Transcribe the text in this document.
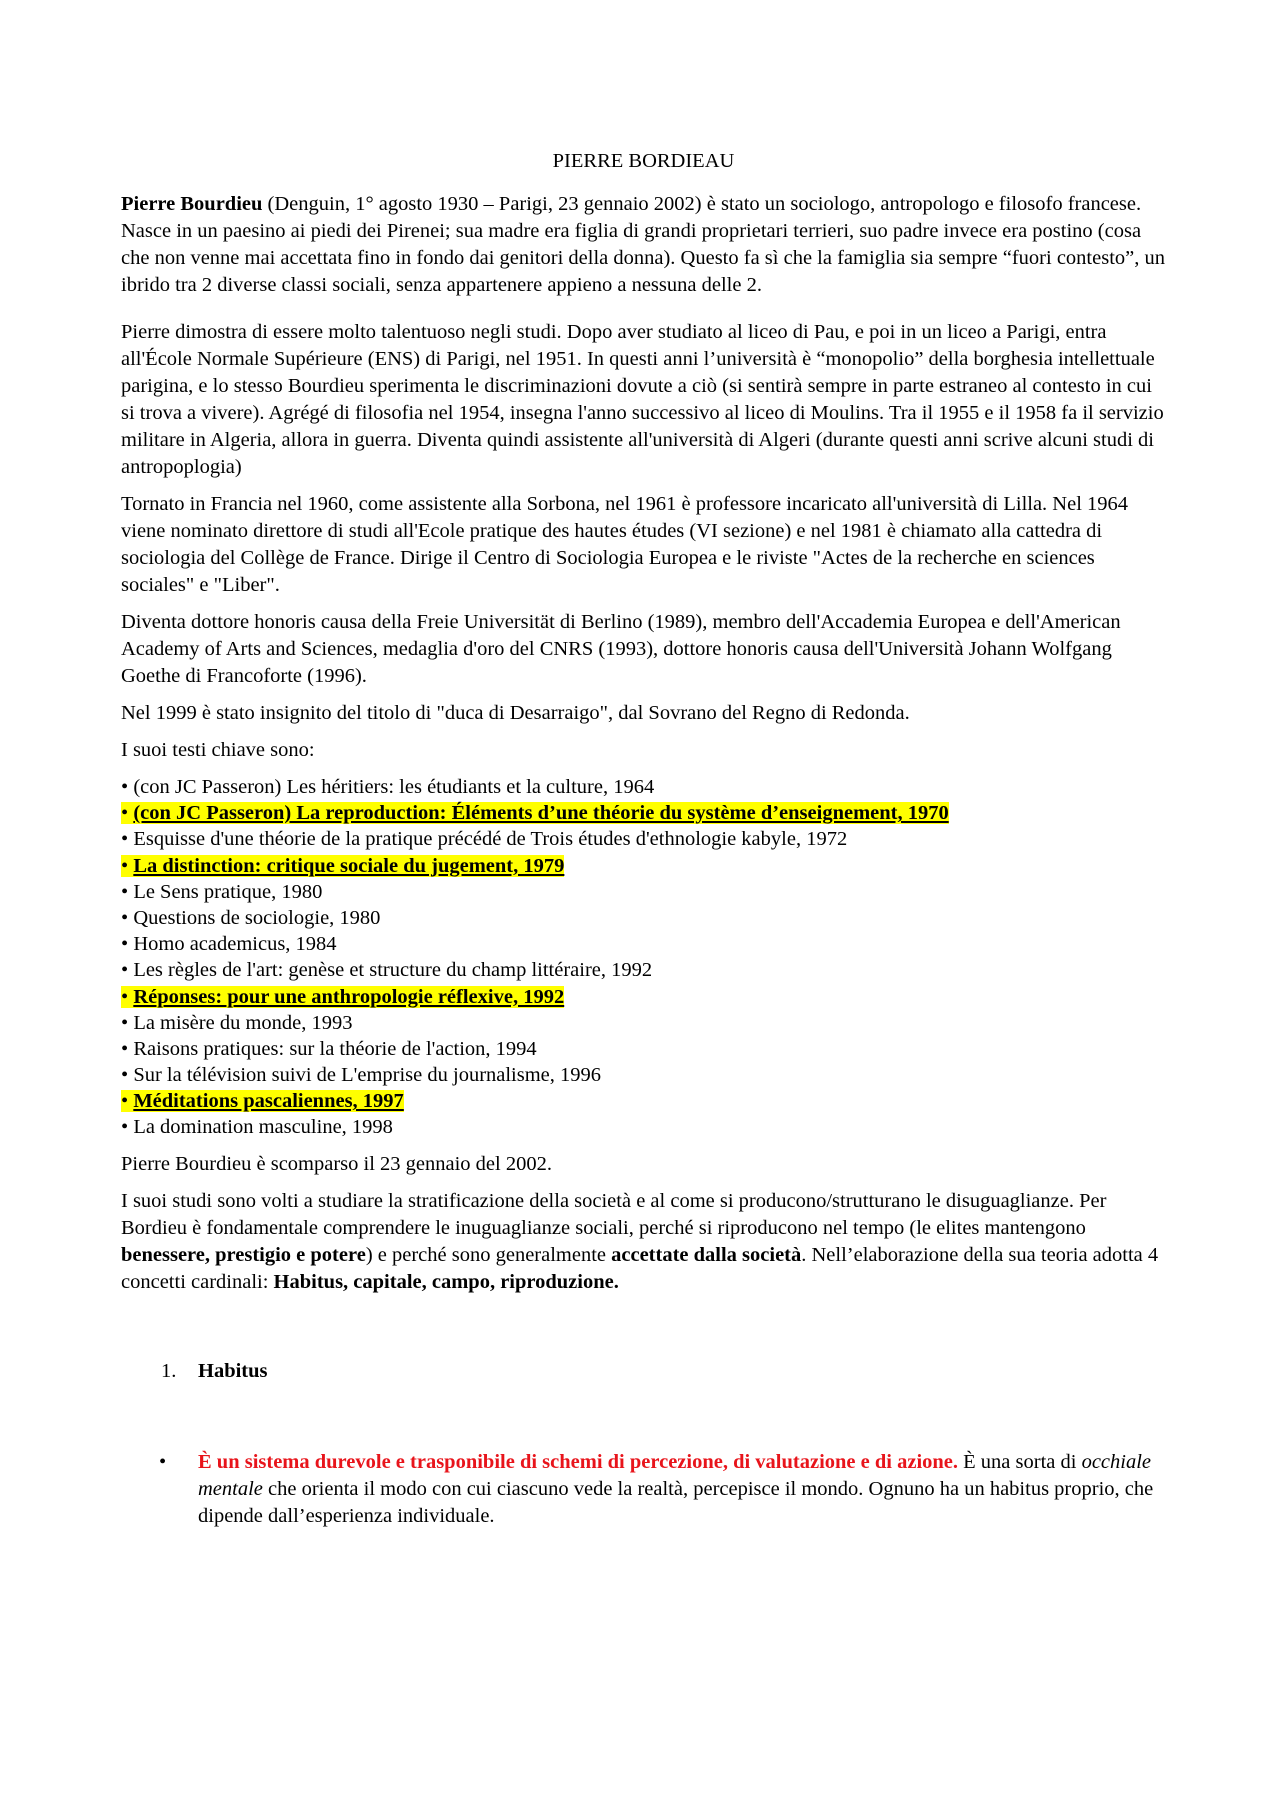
PIERRE BORDIEAU

Pierre Bourdieu (Denguin, 1° agosto 1930 – Parigi, 23 gennaio 2002) è stato un sociologo, antropologo e filosofo francese. Nasce in un paesino ai piedi dei Pirenei; sua madre era figlia di grandi proprietari terrieri, suo padre invece era postino (cosa che non venne mai accettata fino in fondo dai genitori della donna). Questo fa sì che la famiglia sia sempre “fuori contesto”, un ibrido tra 2 diverse classi sociali, senza appartenere appieno a nessuna delle 2.

Pierre dimostra di essere molto talentuoso negli studi. Dopo aver studiato al liceo di Pau, e poi in un liceo a Parigi, entra all'École Normale Supérieure (ENS) di Parigi, nel 1951. In questi anni l’università è “monopolio” della borghesia intellettuale parigina, e lo stesso Bourdieu sperimenta le discriminazioni dovute a ciò (si sentirà sempre in parte estraneo al contesto in cui si trova a vivere). Agrégé di filosofia nel 1954, insegna l'anno successivo al liceo di Moulins. Tra il 1955 e il 1958 fa il servizio militare in Algeria, allora in guerra. Diventa quindi assistente all'università di Algeri (durante questi anni scrive alcuni studi di antropoplogia)

Tornato in Francia nel 1960, come assistente alla Sorbona, nel 1961 è professore incaricato all'università di Lilla. Nel 1964 viene nominato direttore di studi all'Ecole pratique des hautes études (VI sezione) e nel 1981 è chiamato alla cattedra di sociologia del Collège de France. Dirige il Centro di Sociologia Europea e le riviste "Actes de la recherche en sciences sociales" e "Liber".

Diventa dottore honoris causa della Freie Universität di Berlino (1989), membro dell'Accademia Europea e dell'American Academy of Arts and Sciences, medaglia d'oro del CNRS (1993), dottore honoris causa dell'Università Johann Wolfgang Goethe di Francoforte (1996).

Nel 1999 è stato insignito del titolo di "duca di Desarraigo", dal Sovrano del Regno di Redonda.

I suoi testi chiave sono:

• (con JC Passeron) Les héritiers: les étudiants et la culture, 1964
• (con JC Passeron) La reproduction: Éléments d’une théorie du système d’enseignement, 1970
• Esquisse d'une théorie de la pratique précédé de Trois études d'ethnologie kabyle, 1972
• La distinction: critique sociale du jugement, 1979
• Le Sens pratique, 1980
• Questions de sociologie, 1980
• Homo academicus, 1984
• Les règles de l'art: genèse et structure du champ littéraire, 1992
• Réponses: pour une anthropologie réflexive, 1992
• La misère du monde, 1993
• Raisons pratiques: sur la théorie de l'action, 1994
• Sur la télévision suivi de L'emprise du journalisme, 1996
• Méditations pascaliennes, 1997
• La domination masculine, 1998

Pierre Bourdieu è scomparso il 23 gennaio del 2002.

I suoi studi sono volti a studiare la stratificazione della società e al come si producono/strutturano le disuguaglianze. Per Bordieu è fondamentale comprendere le inuguaglianze sociali, perché si riproducono nel tempo (le elites mantengono benessere, prestigio e potere) e perché sono generalmente accettate dalla società. Nell’elaborazione della sua teoria adotta 4 concetti cardinali: Habitus, capitale, campo, riproduzione.

1. Habitus
• È un sistema durevole e trasponibile di schemi di percezione, di valutazione e di azione. È una sorta di occhiale mentale che orienta il modo con cui ciascuno vede la realtà, percepisce il mondo. Ognuno ha un habitus proprio, che dipende dall’esperienza individuale.
